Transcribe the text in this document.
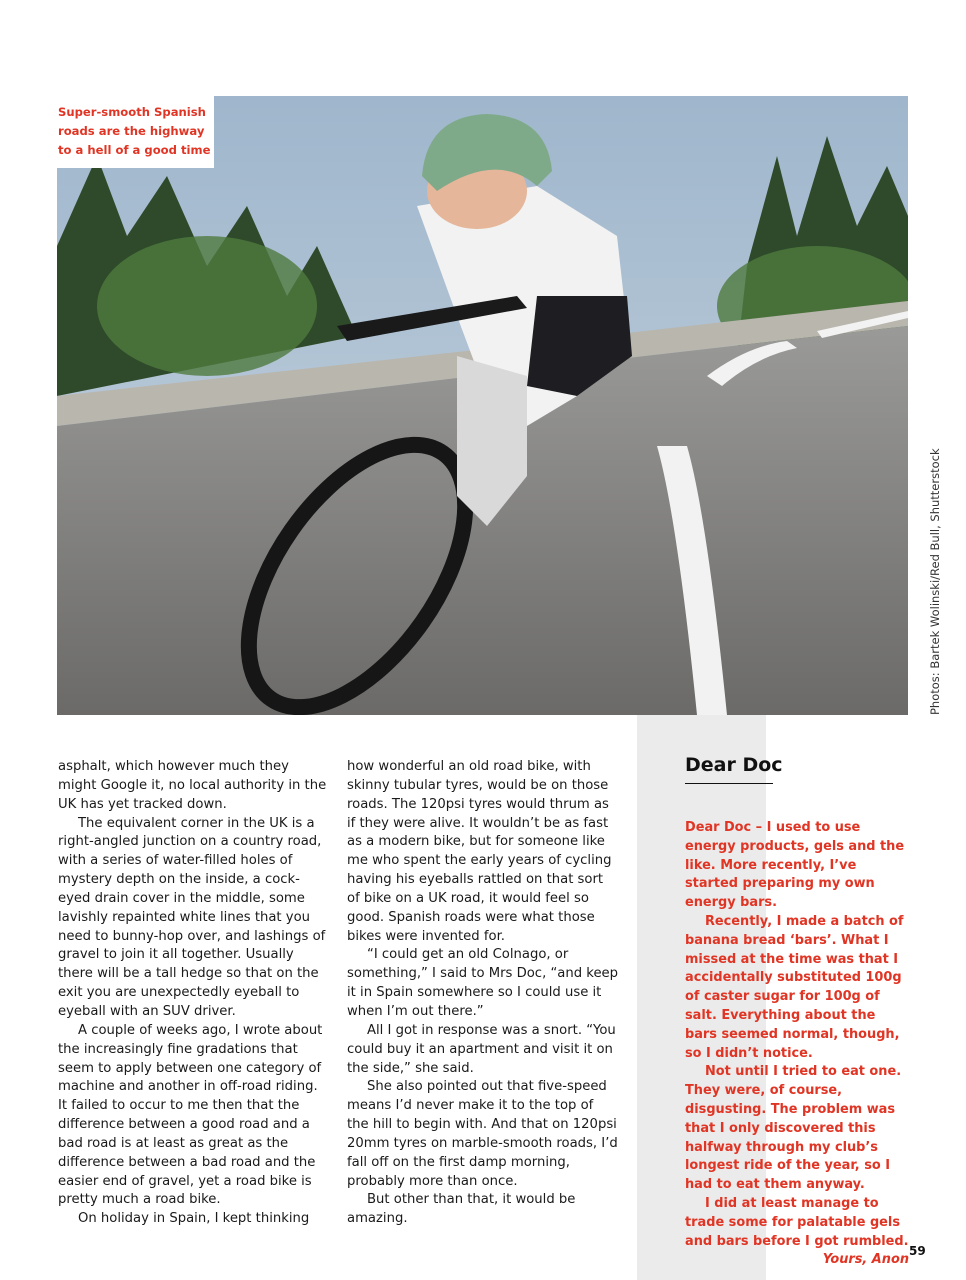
Super-smooth Spanish roads are the highway to a hell of a good time
Photos: Bartek Wolinski/Red Bull, Shutterstock

asphalt, which however much they might Google it, no local authority in the UK has yet tracked down.

The equivalent corner in the UK is a right-angled junction on a country road, with a series of water-filled holes of mystery depth on the inside, a cock-eyed drain cover in the middle, some lavishly repainted white lines that you need to bunny-hop over, and lashings of gravel to join it all together. Usually there will be a tall hedge so that on the exit you are unexpectedly eyeball to eyeball with an SUV driver.

A couple of weeks ago, I wrote about the increasingly fine gradations that seem to apply between one category of machine and another in off-road riding. It failed to occur to me then that the difference between a good road and a bad road is at least as great as the difference between a bad road and the easier end of gravel, yet a road bike is pretty much a road bike.

On holiday in Spain, I kept thinking

how wonderful an old road bike, with skinny tubular tyres, would be on those roads. The 120psi tyres would thrum as if they were alive. It wouldn’t be as fast as a modern bike, but for someone like me who spent the early years of cycling having his eyeballs rattled on that sort of bike on a UK road, it would feel so good. Spanish roads were what those bikes were invented for.

“I could get an old Colnago, or something,” I said to Mrs Doc, “and keep it in Spain somewhere so I could use it when I’m out there.”

All I got in response was a snort. “You could buy it an apartment and visit it on the side,” she said.

She also pointed out that five-speed means I’d never make it to the top of the hill to begin with. And that on 120psi 20mm tyres on marble-smooth roads, I’d fall off on the first damp morning, probably more than once.

But other than that, it would be amazing.

Dear Doc

Dear Doc – I used to use energy products, gels and the like. More recently, I’ve started preparing my own energy bars.

Recently, I made a batch of banana bread ‘bars’. What I missed at the time was that I accidentally substituted 100g of caster sugar for 100g of salt. Everything about the bars seemed normal, though, so I didn’t notice.

Not until I tried to eat one. They were, of course, disgusting. The problem was that I only discovered this halfway through my club’s longest ride of the year, so I had to eat them anyway.

I did at least manage to trade some for palatable gels and bars before I got rumbled.

Yours, Anon
59
